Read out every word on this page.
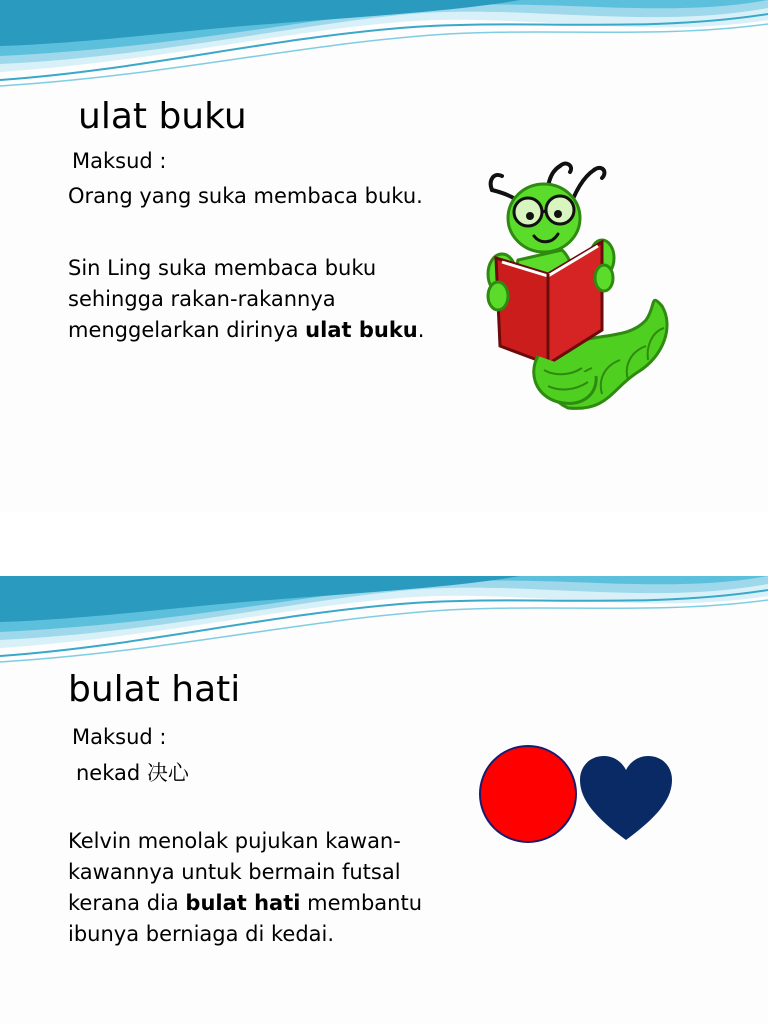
ulat buku
Maksud :
Orang yang suka membaca buku.
Sin Ling suka membaca buku
sehingga rakan-rakannya
menggelarkan dirinya ulat buku.
bulat hati
Maksud :
nekad 决心
Kelvin menolak pujukan kawan-
kawannya untuk bermain futsal
kerana dia bulat hati membantu
ibunya berniaga di kedai.
